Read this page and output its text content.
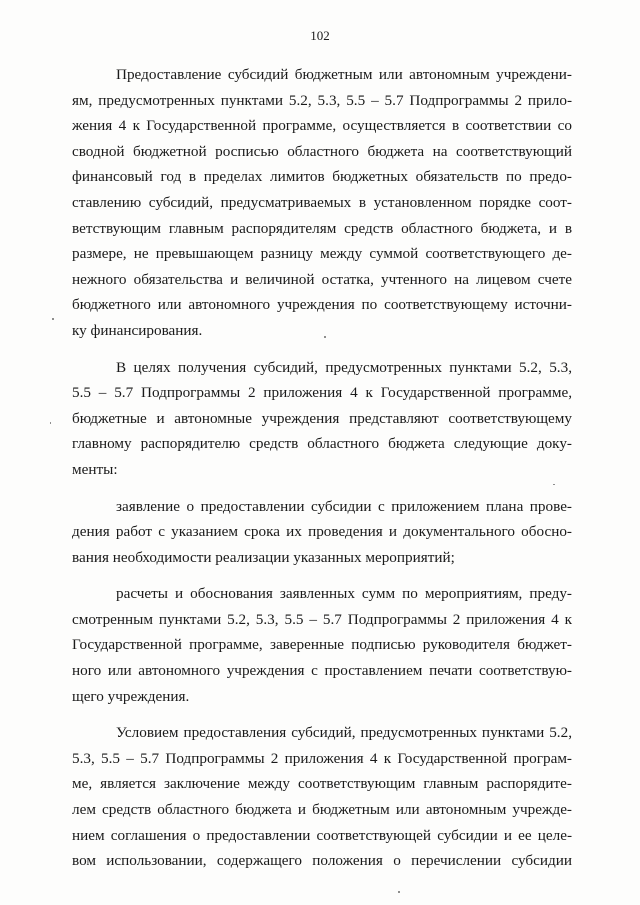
102

Предоставление субсидий бюджетным или автономным учреждени-
ям, предусмотренных пунктами 5.2, 5.3, 5.5 – 5.7 Подпрограммы 2 прило-
жения 4 к Государственной программе, осуществляется в соответствии со
сводной бюджетной росписью областного бюджета на соответствующий
финансовый год в пределах лимитов бюджетных обязательств по предо-
ставлению субсидий, предусматриваемых в установленном порядке соот-
ветствующим главным распорядителям средств областного бюджета, и в
размере, не превышающем разницу между суммой соответствующего де-
нежного обязательства и величиной остатка, учтенного на лицевом счете
бюджетного или автономного учреждения по соответствующему источни-
ку финансирования.

В целях получения субсидий, предусмотренных пунктами 5.2, 5.3,
5.5 – 5.7 Подпрограммы 2 приложения 4 к Государственной программе,
бюджетные и автономные учреждения представляют соответствующему
главному распорядителю средств областного бюджета следующие доку-
менты:

заявление о предоставлении субсидии с приложением плана прове-
дения работ с указанием срока их проведения и документального обосно-
вания необходимости реализации указанных мероприятий;

расчеты и обоснования заявленных сумм по мероприятиям, преду-
смотренным пунктами 5.2, 5.3, 5.5 – 5.7 Подпрограммы 2 приложения 4 к
Государственной программе, заверенные подписью руководителя бюджет-
ного или автономного учреждения с проставлением печати соответствую-
щего учреждения.

Условием предоставления субсидий, предусмотренных пунктами 5.2,
5.3, 5.5 – 5.7 Подпрограммы 2 приложения 4 к Государственной програм-
ме, является заключение между соответствующим главным распорядите-
лем средств областного бюджета и бюджетным или автономным учрежде-
нием соглашения о предоставлении соответствующей субсидии и ее целе-
вом использовании, содержащего положения о перечислении субсидии
